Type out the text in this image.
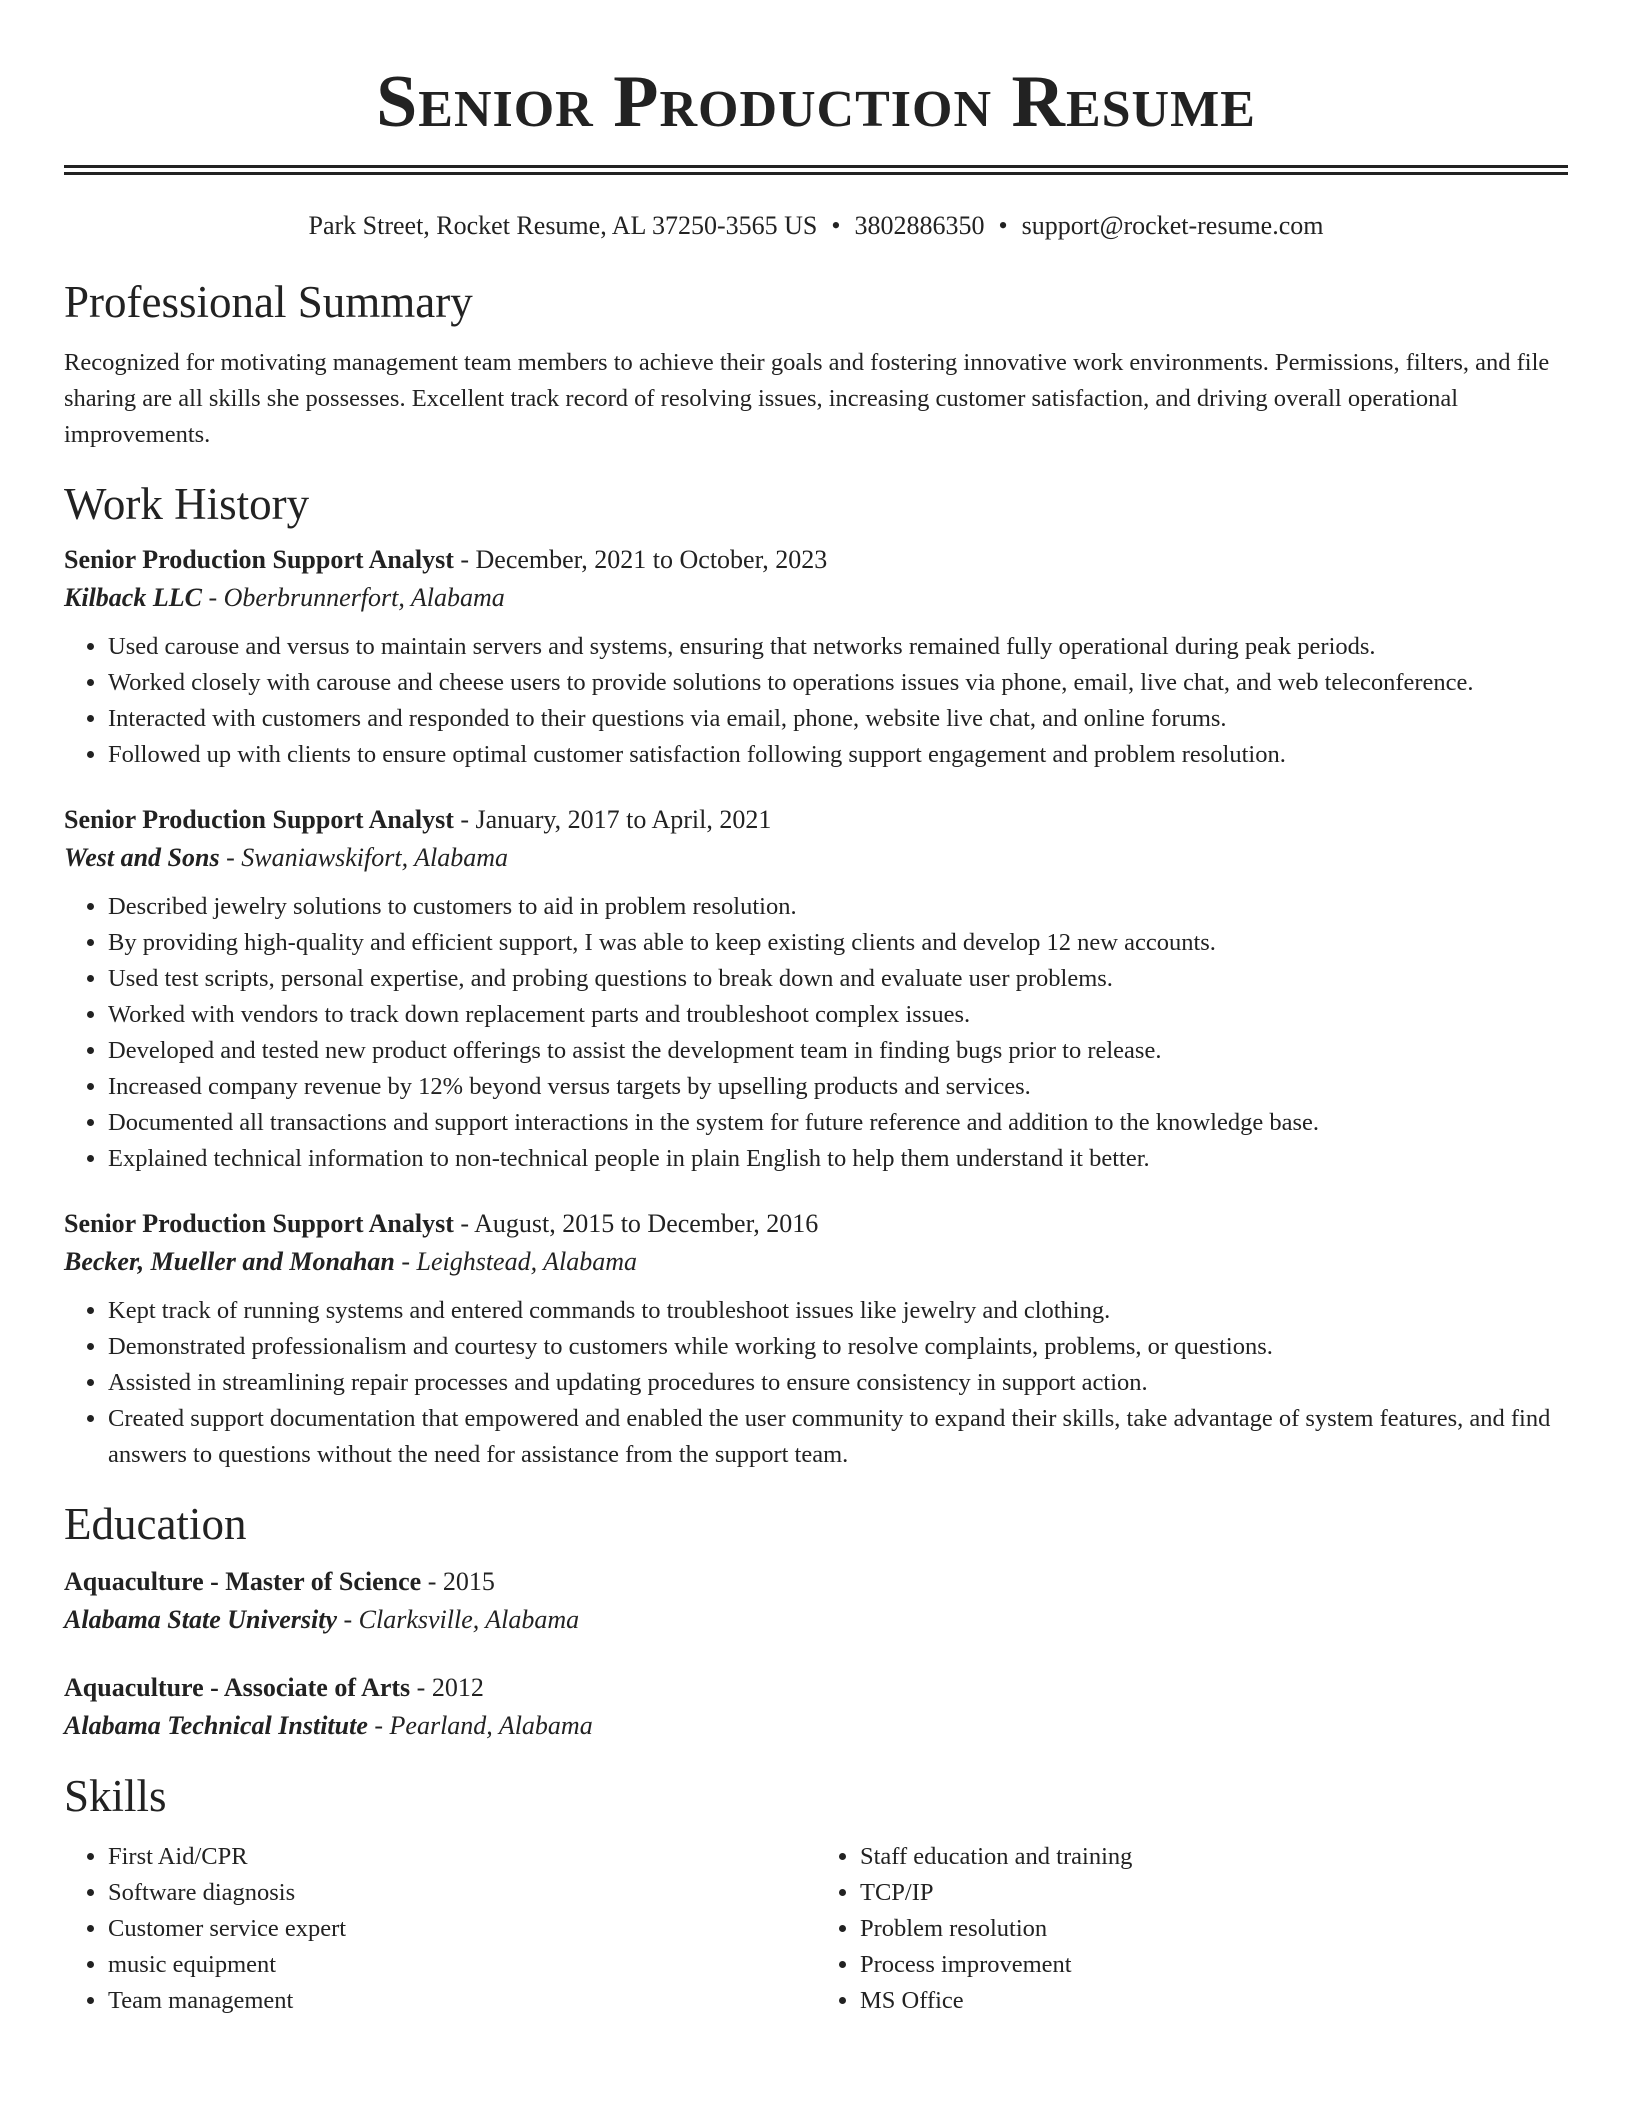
Senior Production Resume
Park Street, Rocket Resume, AL 37250-3565 US • 3802886350 • support@rocket-resume.com
Professional Summary
Recognized for motivating management team members to achieve their goals and fostering innovative work environments. Permissions, filters, and file sharing are all skills she possesses. Excellent track record of resolving issues, increasing customer satisfaction, and driving overall operational improvements.
Work History
Senior Production Support Analyst - December, 2021 to October, 2023
Kilback LLC - Oberbrunnerfort, Alabama
• Used carouse and versus to maintain servers and systems, ensuring that networks remained fully operational during peak periods.
• Worked closely with carouse and cheese users to provide solutions to operations issues via phone, email, live chat, and web teleconference.
• Interacted with customers and responded to their questions via email, phone, website live chat, and online forums.
• Followed up with clients to ensure optimal customer satisfaction following support engagement and problem resolution.
Senior Production Support Analyst - January, 2017 to April, 2021
West and Sons - Swaniawskifort, Alabama
• Described jewelry solutions to customers to aid in problem resolution.
• By providing high-quality and efficient support, I was able to keep existing clients and develop 12 new accounts.
• Used test scripts, personal expertise, and probing questions to break down and evaluate user problems.
• Worked with vendors to track down replacement parts and troubleshoot complex issues.
• Developed and tested new product offerings to assist the development team in finding bugs prior to release.
• Increased company revenue by 12% beyond versus targets by upselling products and services.
• Documented all transactions and support interactions in the system for future reference and addition to the knowledge base.
• Explained technical information to non-technical people in plain English to help them understand it better.
Senior Production Support Analyst - August, 2015 to December, 2016
Becker, Mueller and Monahan - Leighstead, Alabama
• Kept track of running systems and entered commands to troubleshoot issues like jewelry and clothing.
• Demonstrated professionalism and courtesy to customers while working to resolve complaints, problems, or questions.
• Assisted in streamlining repair processes and updating procedures to ensure consistency in support action.
• Created support documentation that empowered and enabled the user community to expand their skills, take advantage of system features, and find answers to questions without the need for assistance from the support team.
Education
Aquaculture - Master of Science - 2015
Alabama State University - Clarksville, Alabama
Aquaculture - Associate of Arts - 2012
Alabama Technical Institute - Pearland, Alabama
Skills
• First Aid/CPR
• Software diagnosis
• Customer service expert
• music equipment
• Team management
• Staff education and training
• TCP/IP
• Problem resolution
• Process improvement
• MS Office
